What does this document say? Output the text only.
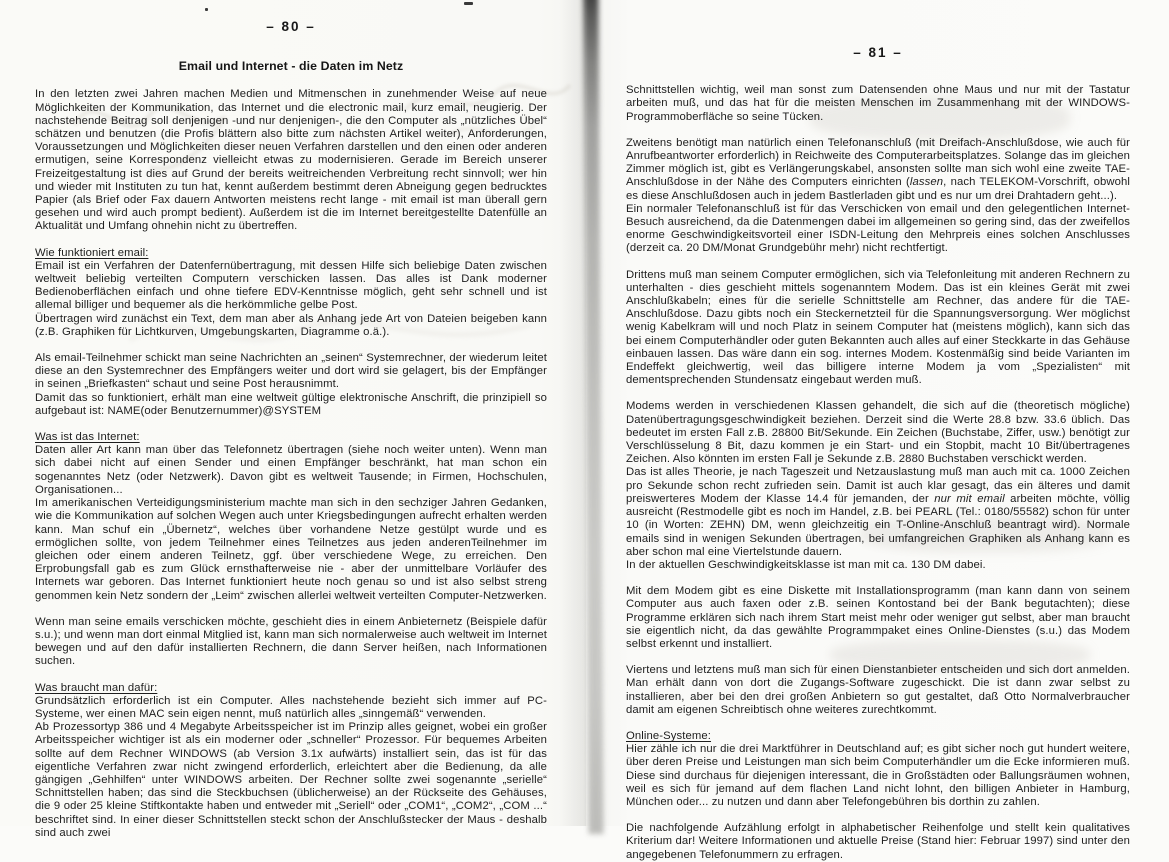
– 80 –
Email und Internet - die Daten im Netz

In den letzten zwei Jahren machen Medien und Mitmenschen in zunehmender Weise auf neue Möglichkeiten der Kommunikation, das Internet und die electronic mail, kurz email, neugierig. Der nachstehende Beitrag soll denjenigen -und nur denjenigen-, die den Computer als „nützliches Übel“ schätzen und benutzen (die Profis blättern also bitte zum nächsten Artikel weiter), Anforderungen, Voraussetzungen und Möglichkeiten dieser neuen Verfahren darstellen und den einen oder anderen ermutigen, seine Korrespondenz vielleicht etwas zu modernisieren. Gerade im Bereich unserer Freizeitgestaltung ist dies auf Grund der bereits weitreichenden Verbreitung recht sinnvoll; wer hin und wieder mit Instituten zu tun hat, kennt außerdem bestimmt deren Abneigung gegen bedrucktes Papier (als Brief oder Fax dauern Antworten meistens recht lange - mit email ist man überall gern gesehen und wird auch prompt bedient). Außerdem ist die im Internet bereitgestellte Datenfülle an Aktualität und Umfang ohnehin nicht zu übertreffen.

Wie funktioniert email:

Email ist ein Verfahren der Datenfernübertragung, mit dessen Hilfe sich beliebige Daten zwischen weltweit beliebig verteilten Computern verschicken lassen. Das alles ist Dank moderner Bedienoberflächen einfach und ohne tiefere EDV-Kenntnisse möglich, geht sehr schnell und ist allemal billiger und bequemer als die herkömmliche gelbe Post.

Übertragen wird zunächst ein Text, dem man aber als Anhang jede Art von Dateien beigeben kann (z.B. Graphiken für Lichtkurven, Umgebungskarten, Diagramme o.ä.).

Als email-Teilnehmer schickt man seine Nachrichten an „seinen“ Systemrechner, der wiederum leitet diese an den Systemrechner des Empfängers weiter und dort wird sie gelagert, bis der Empfänger in seinen „Briefkasten“ schaut und seine Post herausnimmt.

Damit das so funktioniert, erhält man eine weltweit gültige elektronische Anschrift, die prinzipiell so aufgebaut ist: NAME(oder Benutzernummer)@SYSTEM

Was ist das Internet:

Daten aller Art kann man über das Telefonnetz übertragen (siehe noch weiter unten). Wenn man sich dabei nicht auf einen Sender und einen Empfänger beschränkt, hat man schon ein sogenanntes Netz (oder Netzwerk). Davon gibt es weltweit Tausende; in Firmen, Hochschulen, Organisationen...

Im amerikanischen Verteidigungsministerium machte man sich in den sechziger Jahren Gedanken, wie die Kommunikation auf solchen Wegen auch unter Kriegsbedingungen aufrecht erhalten werden kann. Man schuf ein „Übernetz“, welches über vorhandene Netze gestülpt wurde und es ermöglichen sollte, von jedem Teilnehmer eines Teilnetzes aus jeden anderenTeilnehmer im gleichen oder einem anderen Teilnetz, ggf. über verschiedene Wege, zu erreichen. Den Erprobungsfall gab es zum Glück ernsthafterweise nie - aber der unmittelbare Vorläufer des Internets war geboren. Das Internet funktioniert heute noch genau so und ist also selbst streng genommen kein Netz sondern der „Leim“ zwischen allerlei weltweit verteilten Computer-Netzwerken.

Wenn man seine emails verschicken möchte, geschieht dies in einem Anbieternetz (Beispiele dafür s.u.); und wenn man dort einmal Mitglied ist, kann man sich normalerweise auch weltweit im Internet bewegen und auf den dafür installierten Rechnern, die dann Server heißen, nach Informationen suchen.

Was braucht man dafür:

Grundsätzlich erforderlich ist ein Computer. Alles nachstehende bezieht sich immer auf PC-Systeme, wer einen MAC sein eigen nennt, muß natürlich alles „sinngemäß“ verwenden.

Ab Prozessortyp 386 und 4 Megabyte Arbeitsspeicher ist im Prinzip alles geignet, wobei ein großer Arbeitsspeicher wichtiger ist als ein moderner oder „schneller“ Prozessor. Für bequemes Arbeiten sollte auf dem Rechner WINDOWS (ab Version 3.1x aufwärts) installiert sein, das ist für das eigentliche Verfahren zwar nicht zwingend erforderlich, erleichtert aber die Bedienung, da alle gängigen „Gehhilfen“ unter WINDOWS arbeiten. Der Rechner sollte zwei sogenannte „serielle“ Schnittstellen haben; das sind die Steckbuchsen (üblicherweise) an der Rückseite des Gehäuses, die 9 oder 25 kleine Stiftkontakte haben und entweder mit „Seriell“ oder „COM1“, „COM2“, „COM ...“ beschriftet sind. In einer dieser Schnittstellen steckt schon der Anschlußstecker der Maus - deshalb sind auch zwei

– 81 –

Schnittstellen wichtig, weil man sonst zum Datensenden ohne Maus und nur mit der Tastatur arbeiten muß, und das hat für die meisten Menschen im Zusammenhang mit der WINDOWS-Programmoberfläche so seine Tücken.

Zweitens benötigt man natürlich einen Telefonanschluß (mit Dreifach-Anschlußdose, wie auch für Anrufbeantworter erforderlich) in Reichweite des Computerarbeitsplatzes. Solange das im gleichen Zimmer möglich ist, gibt es Verlängerungskabel, ansonsten sollte man sich wohl eine zweite TAE-Anschlußdose in der Nähe des Computers einrichten (lassen, nach TELEKOM-Vorschrift, obwohl es diese Anschlußdosen auch in jedem Bastlerladen gibt und es nur um drei Drahtadern geht...).

Ein normaler Telefonanschluß ist für das Verschicken von email und den gelegentlichen Internet-Besuch ausreichend, da die Datenmengen dabei im allgemeinen so gering sind, das der zweifellos enorme Geschwindigkeitsvorteil einer ISDN-Leitung den Mehrpreis eines solchen Anschlusses (derzeit ca. 20 DM/Monat Grundgebühr mehr) nicht rechtfertigt.

Drittens muß man seinem Computer ermöglichen, sich via Telefonleitung mit anderen Rechnern zu unterhalten - dies geschieht mittels sogenanntem Modem. Das ist ein kleines Gerät mit zwei Anschlußkabeln; eines für die serielle Schnittstelle am Rechner, das andere für die TAE-Anschlußdose. Dazu gibts noch ein Steckernetzteil für die Spannungsversorgung. Wer möglichst wenig Kabelkram will und noch Platz in seinem Computer hat (meistens möglich), kann sich das bei einem Computerhändler oder guten Bekannten auch alles auf einer Steckkarte in das Gehäuse einbauen lassen. Das wäre dann ein sog. internes Modem. Kostenmäßig sind beide Varianten im Endeffekt gleichwertig, weil das billigere interne Modem ja vom „Spezialisten“ mit dementsprechenden Stundensatz eingebaut werden muß.

Modems werden in verschiedenen Klassen gehandelt, die sich auf die (theoretisch mögliche) Datenübertragungsgeschwindigkeit beziehen. Derzeit sind die Werte 28.8 bzw. 33.6 üblich. Das bedeutet im ersten Fall z.B. 28800 Bit/Sekunde. Ein Zeichen (Buchstabe, Ziffer, usw.) benötigt zur Verschlüsselung 8 Bit, dazu kommen je ein Start- und ein Stopbit, macht 10 Bit/übertragenes Zeichen. Also könnten im ersten Fall je Sekunde z.B. 2880 Buchstaben verschickt werden.

Das ist alles Theorie, je nach Tageszeit und Netzauslastung muß man auch mit ca. 1000 Zeichen pro Sekunde schon recht zufrieden sein. Damit ist auch klar gesagt, das ein älteres und damit preiswerteres Modem der Klasse 14.4 für jemanden, der nur mit email arbeiten möchte, völlig ausreicht (Restmodelle gibt es noch im Handel, z.B. bei PEARL (Tel.: 0180/55582) schon für unter 10 (in Worten: ZEHN) DM, wenn gleichzeitig ein T-Online-Anschluß beantragt wird). Normale emails sind in wenigen Sekunden übertragen, bei umfangreichen Graphiken als Anhang kann es aber schon mal eine Viertelstunde dauern.

In der aktuellen Geschwindigkeitsklasse ist man mit ca. 130 DM dabei.

Mit dem Modem gibt es eine Diskette mit Installationsprogramm (man kann dann von seinem Computer aus auch faxen oder z.B. seinen Kontostand bei der Bank begutachten); diese Programme erklären sich nach ihrem Start meist mehr oder weniger gut selbst, aber man braucht sie eigentlich nicht, da das gewählte Programmpaket eines Online-Dienstes (s.u.) das Modem selbst erkennt und installiert.

Viertens und letztens muß man sich für einen Dienstanbieter entscheiden und sich dort anmelden. Man erhält dann von dort die Zugangs-Software zugeschickt. Die ist dann zwar selbst zu installieren, aber bei den drei großen Anbietern so gut gestaltet, daß Otto Normalverbraucher damit am eigenen Schreibtisch ohne weiteres zurechtkommt.

Online-Systeme:

Hier zähle ich nur die drei Marktführer in Deutschland auf; es gibt sicher noch gut hundert weitere, über deren Preise und Leistungen man sich beim Computerhändler um die Ecke informieren muß. Diese sind durchaus für diejenigen interessant, die in Großstädten oder Ballungsräumen wohnen, weil es sich für jemand auf dem flachen Land nicht lohnt, den billigen Anbieter in Hamburg, München oder... zu nutzen und dann aber Telefongebühren bis dorthin zu zahlen.

Die nachfolgende Aufzählung erfolgt in alphabetischer Reihenfolge und stellt kein qualitatives Kriterium dar! Weitere Informationen und aktuelle Preise (Stand hier: Februar 1997) sind unter den angegebenen Telefonummern zu erfragen.
